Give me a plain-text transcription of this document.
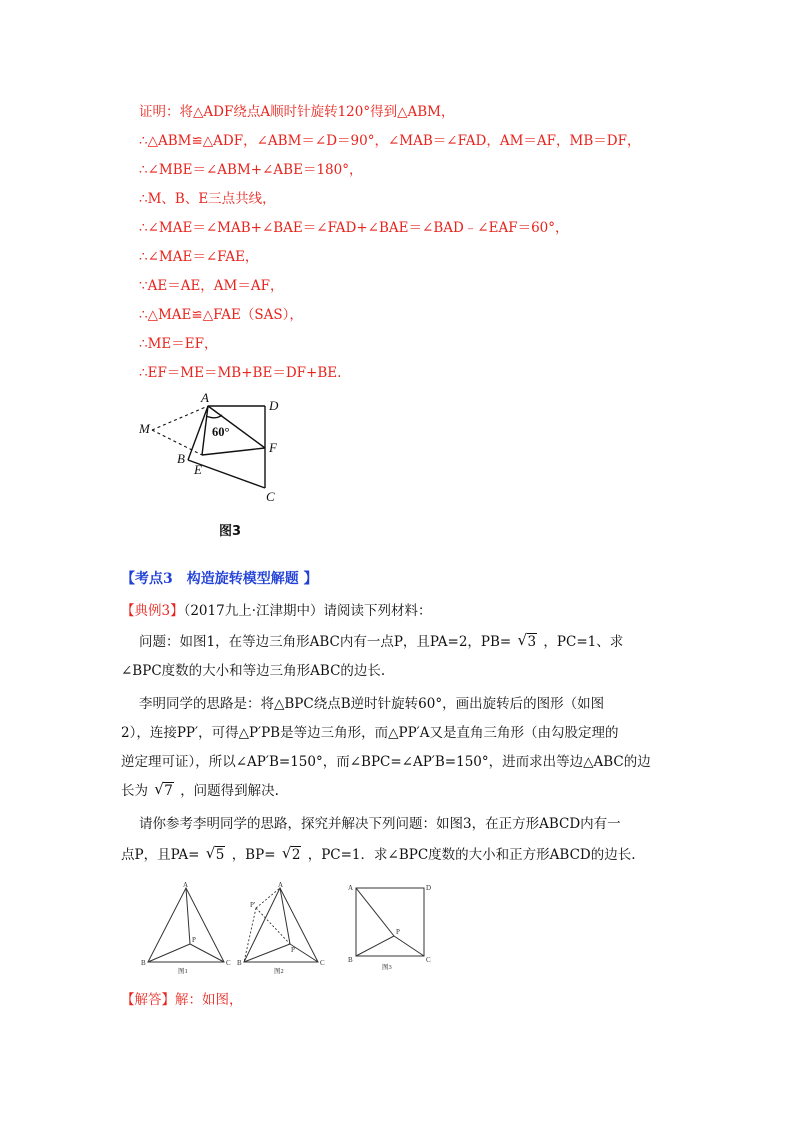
证明：将△ADF绕点A顺时针旋转120°得到△ABM，
∴△ABM≌△ADF，∠ABM＝∠D＝90°，∠MAB＝∠FAD，AM＝AF，MB＝DF，
∴∠MBE＝∠ABM+∠ABE＝180°，
∴M、B、E三点共线，
∴∠MAE＝∠MAB+∠BAE＝∠FAD+∠BAE＝∠BAD﹣∠EAF＝60°，
∴∠MAE＝∠FAE，
∵AE＝AE，AM＝AF，
∴△MAE≌△FAE（SAS），
∴ME＝EF，
∴EF＝ME＝MB+BE＝DF+BE.
A
D
M
B
E
F
C
60°
图3
【考点3　构造旋转模型解题 】
【典例3】（2017九上·江津期中）请阅读下列材料：
问题：如图1，在等边三角形ABC内有一点P，且PA=2，PB= √ 3 ，PC=1、求
∠BPC度数的大小和等边三角形ABC的边长.
李明同学的思路是：将△BPC绕点B逆时针旋转60°，画出旋转后的图形（如图
2），连接PP′，可得△P′PB是等边三角形，而△PP′A又是直角三角形（由勾股定理的
逆定理可证），所以∠AP′B=150°，而∠BPC=∠AP′B=150°，进而求出等边△ABC的边
长为 √ 7 ，问题得到解决.
请你参考李明同学的思路，探究并解决下列问题：如图3，在正方形ABCD内有一
点P，且PA= √ 5 ，BP= √ 2 ，PC=1．求∠BPC度数的大小和正方形ABCD的边长.
A
B	C
P
图1
A
P′
B	C
P
图2
A	D
B	C
P
图3
【解答】解：如图，
